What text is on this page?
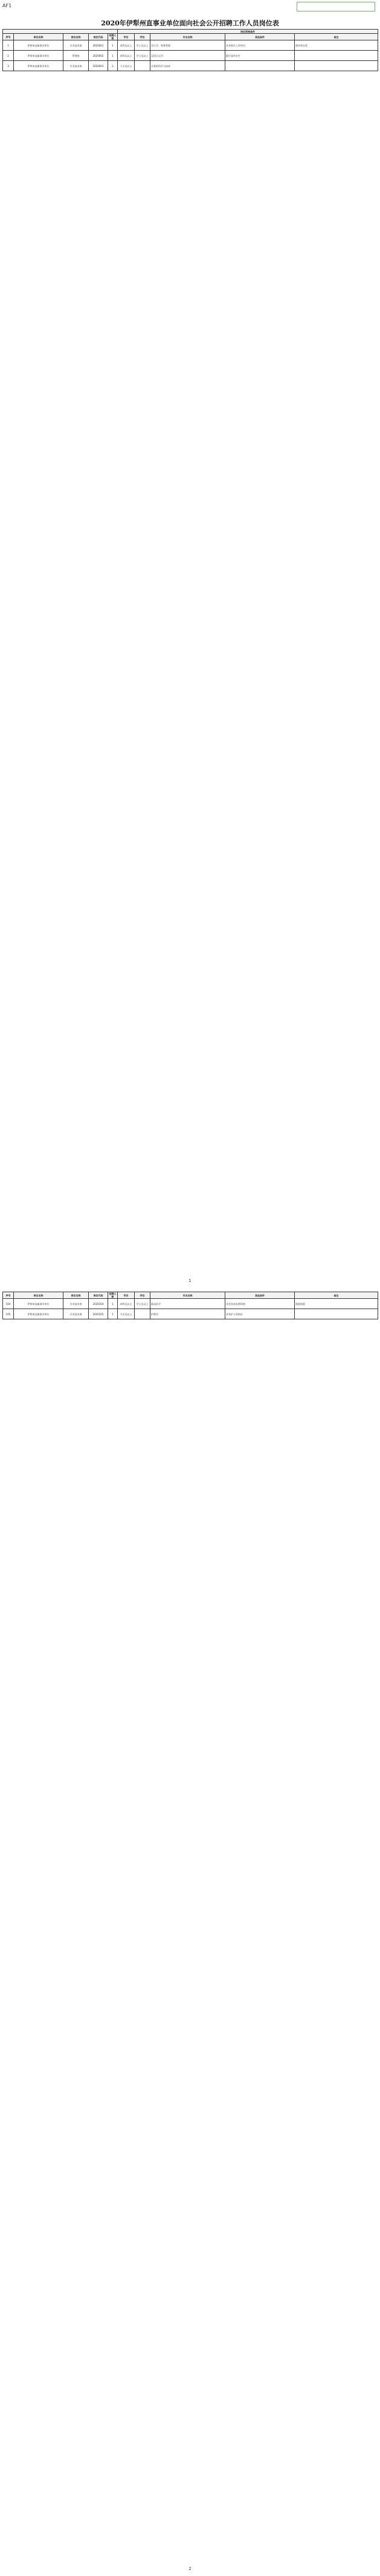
AF1
2020年伊犁州直事业单位面向社会公开招聘工作人员岗位表
					岗位资格条件				
序号	单位名称	岗位名称	岗位代码	招聘人数	学历	学位	专业名称	其他条件	备注
1	伊犁州直属事业单位	专业技术岗	2020001	1	本科及以上	学士及以上	会计学、财务管理	具有相关工作经历	需经常出差
2	伊犁州直属事业单位	管理岗	2020002	1	本科及以上	学士及以上	汉语言文学	限应届毕业生	
3	伊犁州直属事业单位	专业技术岗	2020003	2	大专及以上		计算机科学与技术		
1
序号	单位名称	岗位名称	岗位代码	招聘人数	学历	学位	专业名称	其他条件	备注
104	伊犁州直属事业单位	专业技术岗	2020104	1	本科及以上	学士及以上	临床医学	具有执业医师资格	需值夜班
105	伊犁州直属事业单位	专业技术岗	2020105	1	大专及以上		护理学	具有护士资格证	
2
